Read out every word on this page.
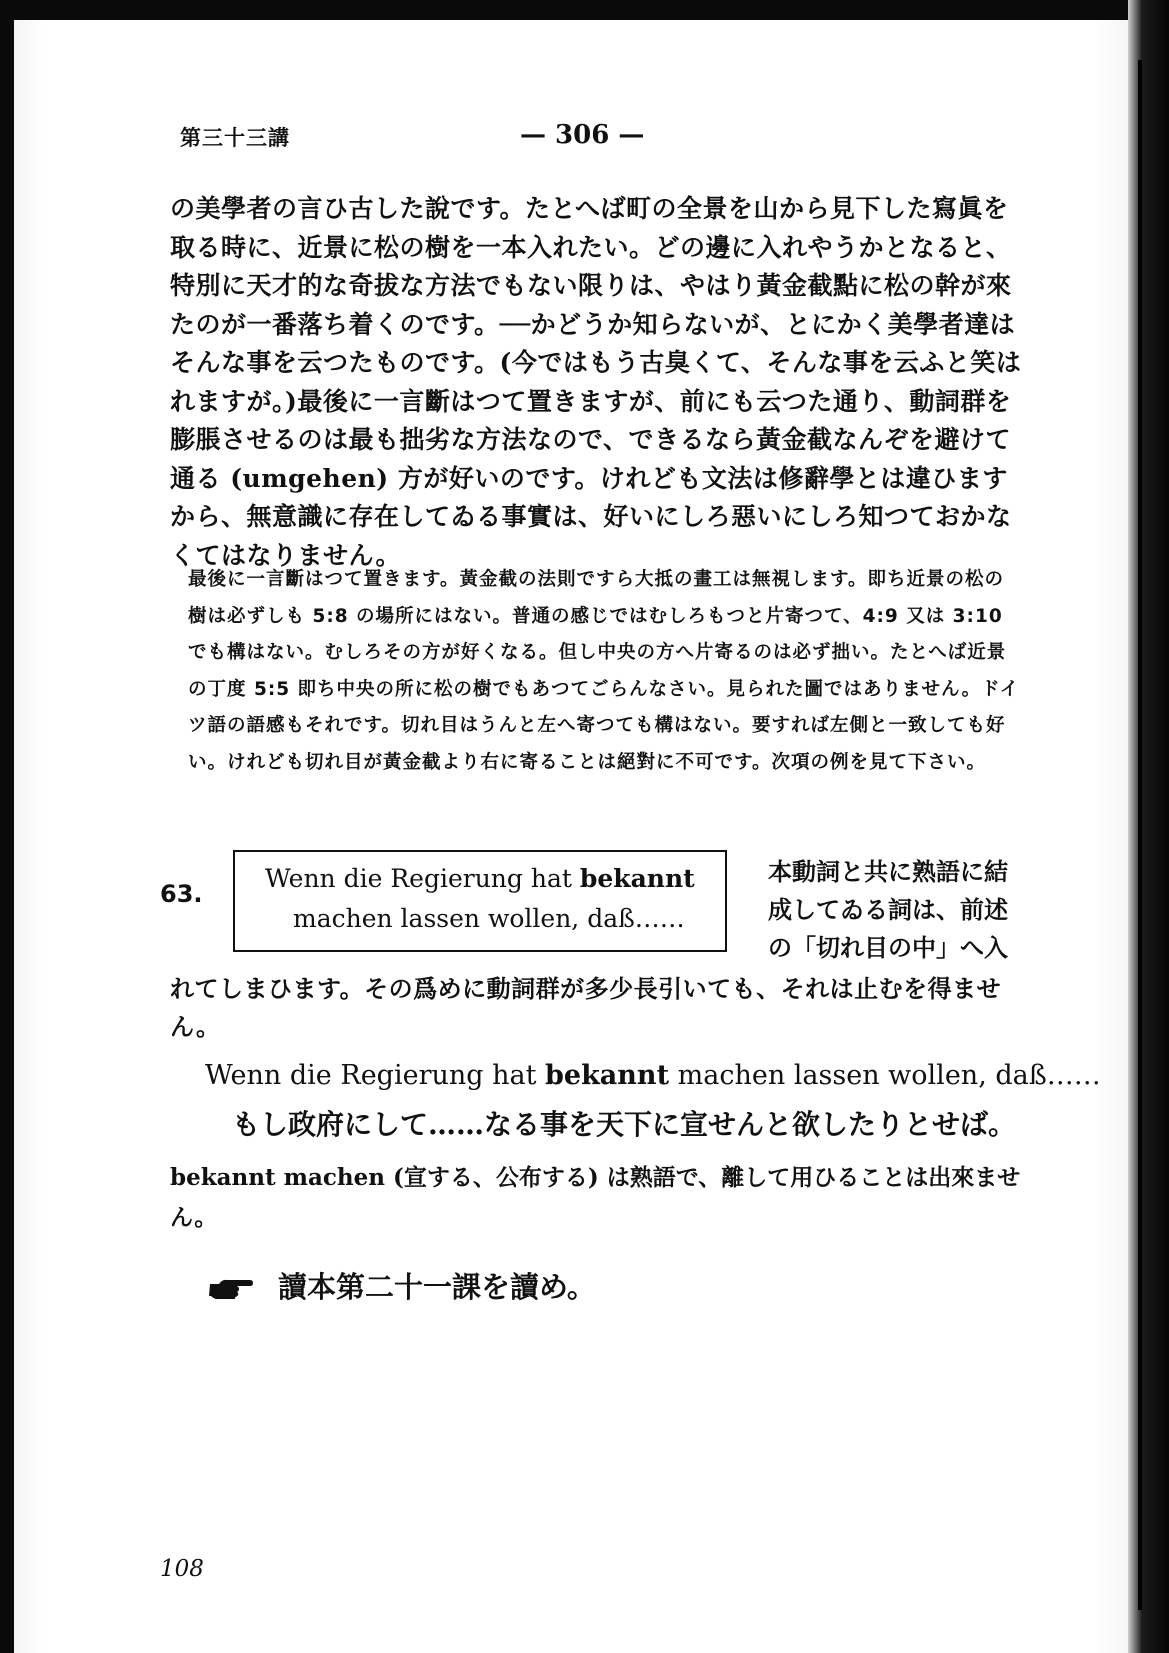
第三十三講	— 306 —

の美學者の言ひ古した說です。たとへば町の全景を山から見下した寫眞を取る時に、近景に松の樹を一本入れたい。どの邊に入れやうかとなると、特別に天才的な奇拔な方法でもない限りは、やはり黃金截點に松の幹が來たのが一番落ち着くのです。──かどうか知らないが、とにかく美學者達はそんな事を云つたものです。(今ではもう古臭くて、そんな事を云ふと笑はれますが。)最後に一言斷はつて置きますが、前にも云つた通り、動詞群を膨脹させるのは最も拙劣な方法なので、できるなら黃金截なんぞを避けて通る (umgehen) 方が好いのです。けれども文法は修辭學とは違ひますから、無意識に存在してゐる事實は、好いにしろ惡いにしろ知つておかなくてはなりません。

最後に一言斷はつて置きます。黃金截の法則ですら大抵の畫工は無視します。即ち近景の松の樹は必ずしも 5:8 の場所にはない。普通の感じではむしろもつと片寄つて、4:9 又は 3:10 でも構はない。むしろその方が好くなる。但し中央の方へ片寄るのは必ず拙い。たとへば近景の丁度 5:5 即ち中央の所に松の樹でもあつてごらんなさい。見られた圖ではありません。ドイツ語の語感もそれです。切れ目はうんと左へ寄つても構はない。要すれば左側と一致しても好い。けれども切れ目が黃金截より右に寄ることは絕對に不可です。次項の例を見て下さい。

63.
Wenn die Regierung hat bekannt
machen lassen wollen, daß……

本動詞と共に熟語に結成してゐる詞は、前述の「切れ目の中」へ入

れてしまひます。その爲めに動詞群が多少長引いても、それは止むを得ません。

Wenn die Regierung hat bekannt machen lassen wollen, daß……
もし政府にして……なる事を天下に宣せんと欲したりとせば。

bekannt machen (宣する、公布する) は熟語で、離して用ひることは出來ません。

讀本第二十一課を讀め。
108
